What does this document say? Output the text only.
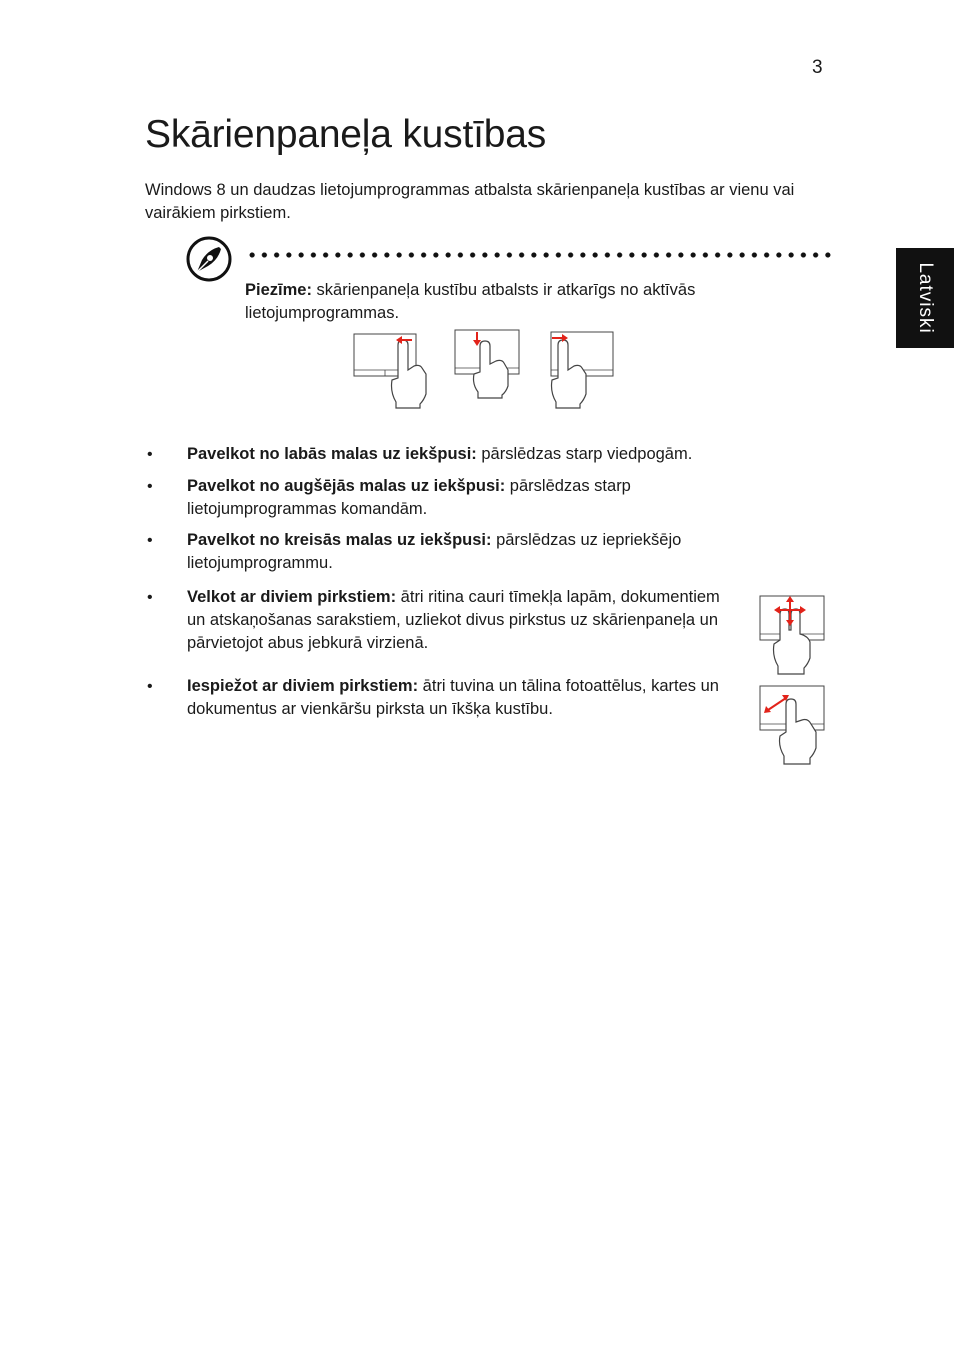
3
Skārienpaneļa kustības
Windows 8 un daudzas lietojumprogrammas atbalsta skārienpaneļa kustības ar vienu vai vairākiem pirkstiem.
Latviski
Piezīme: skārienpaneļa kustību atbalsts ir atkarīgs no aktīvās lietojumprogrammas.
• Pavelkot no labās malas uz iekšpusi: pārslēdzas starp viedpogām.
• Pavelkot no augšējās malas uz iekšpusi: pārslēdzas starp lietojumprogrammas komandām.
• Pavelkot no kreisās malas uz iekšpusi: pārslēdzas uz iepriekšējo lietojumprogrammu.
• Velkot ar diviem pirkstiem: ātri ritina cauri tīmekļa lapām, dokumentiem un atskaņošanas sarakstiem, uzliekot divus pirkstus uz skārienpaneļa un pārvietojot abus jebkurā virzienā.
• Iespiežot ar diviem pirkstiem: ātri tuvina un tālina fotoattēlus, kartes un dokumentus ar vienkāršu pirksta un īkšķa kustību.
